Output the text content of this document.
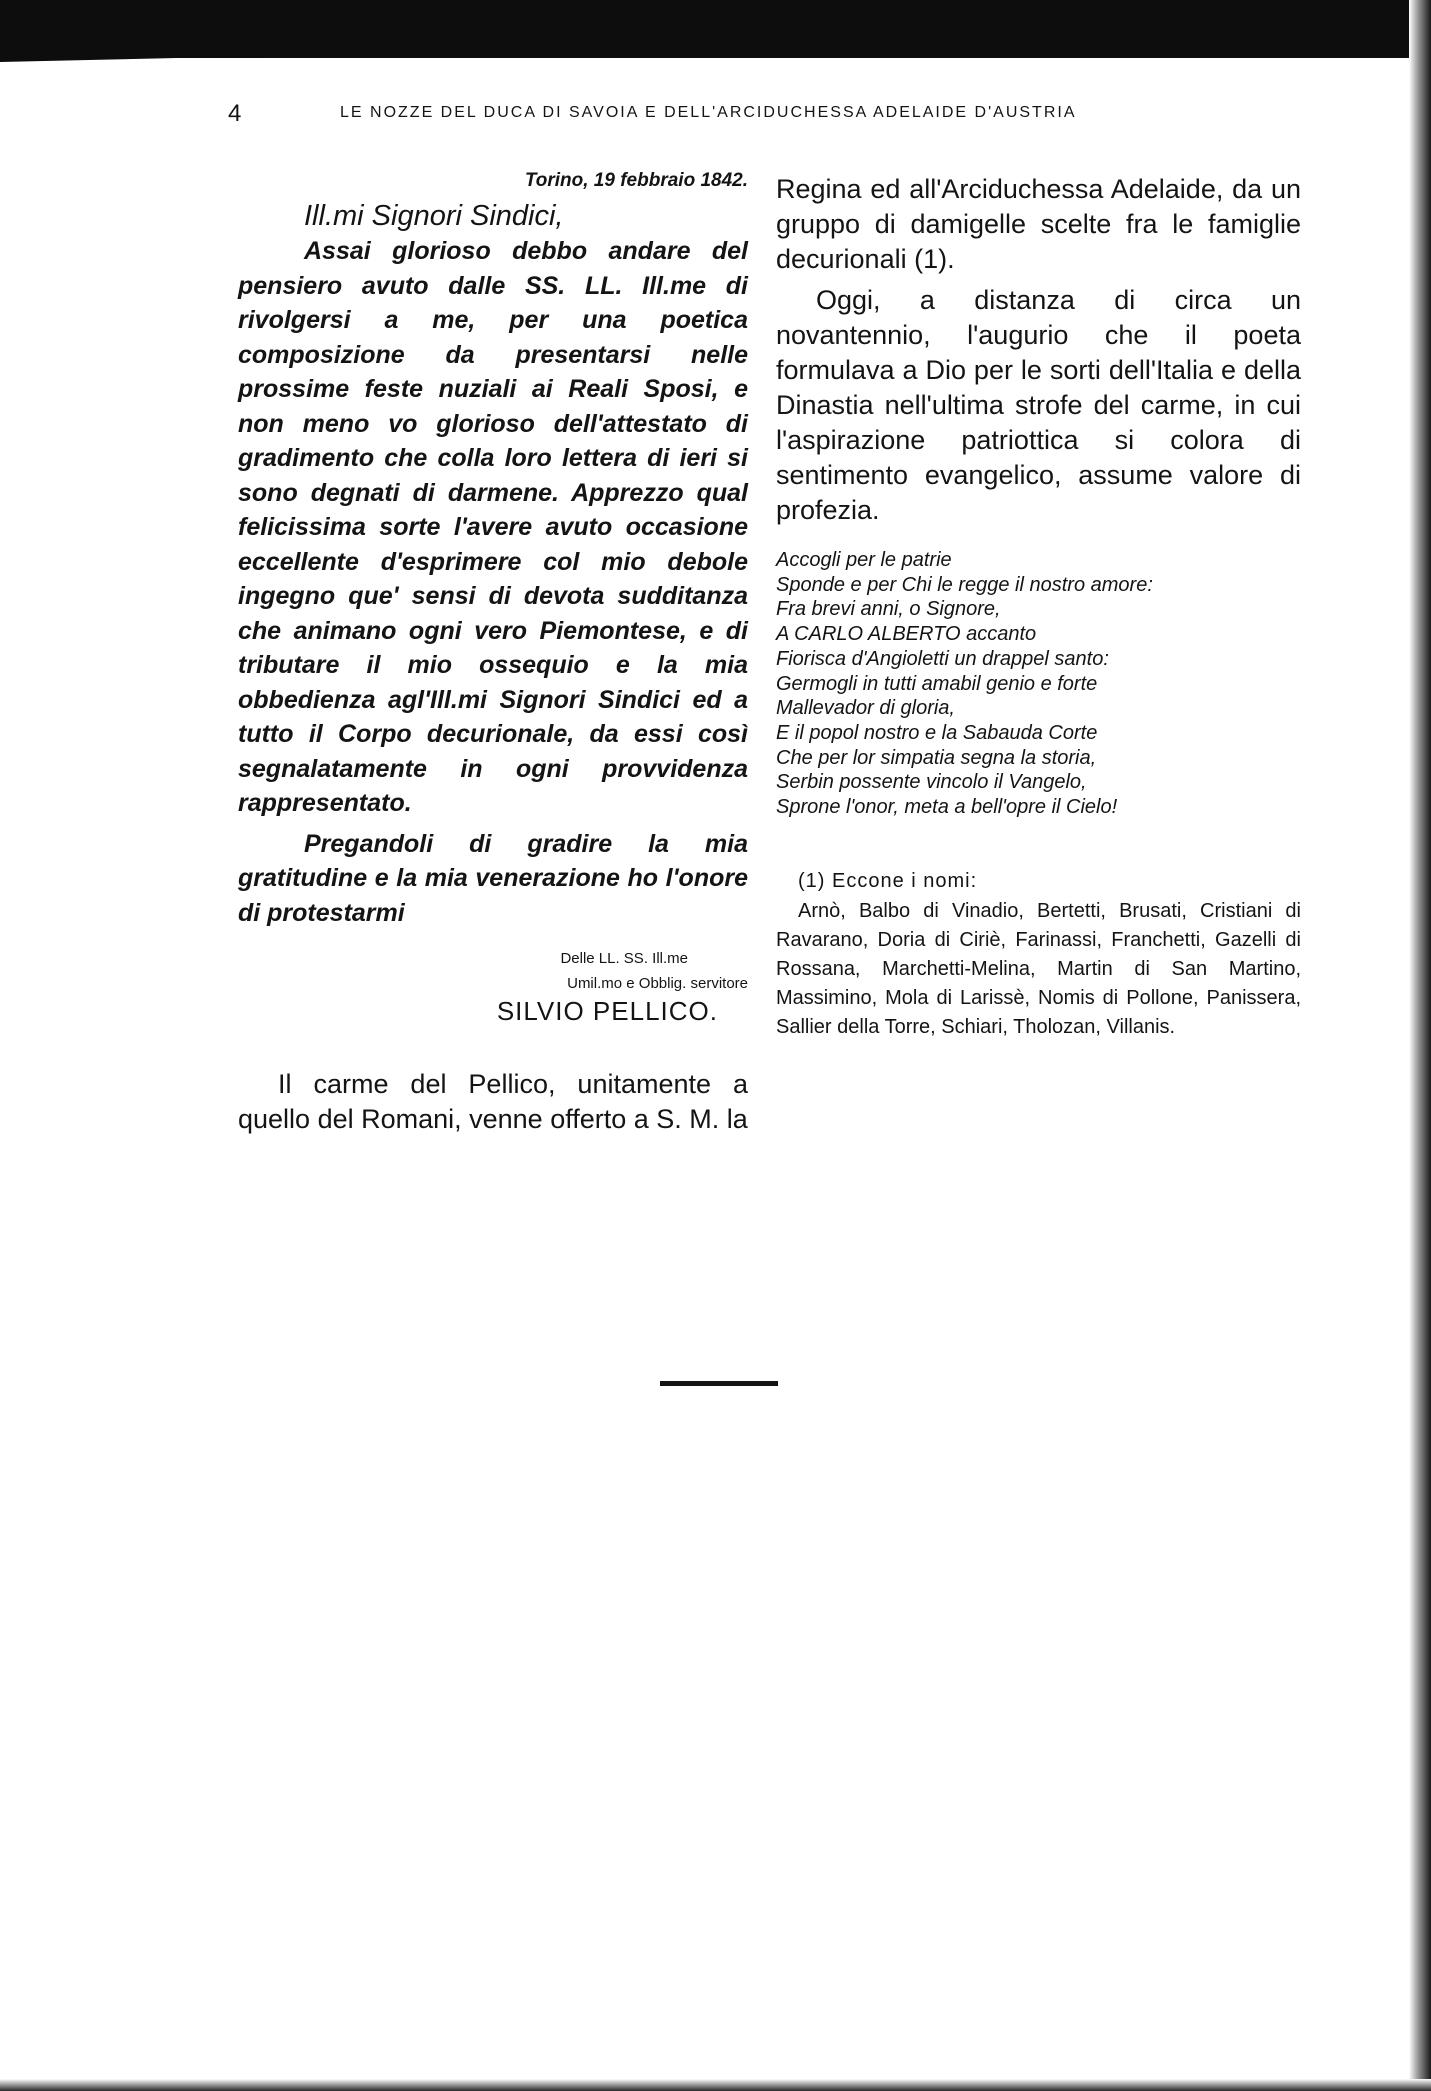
4	LE NOZZE DEL DUCA DI SAVOIA E DELL'ARCIDUCHESSA ADELAIDE D'AUSTRIA
Torino, 19 febbraio 1842.
Ill.mi Signori Sindici,

Assai glorioso debbo andare del pensiero avuto dalle SS. LL. Ill.me di rivolgersi a me, per una poetica composizione da presentarsi nelle prossime feste nuziali ai Reali Sposi, e non meno vo glorioso dell'attestato di gradimento che colla loro lettera di ieri si sono degnati di darmene. Apprezzo qual felicissima sorte l'avere avuto occasione eccellente d'esprimere col mio debole ingegno que' sensi di devota sudditanza che animano ogni vero Piemontese, e di tributare il mio ossequio e la mia obbedienza agl'Ill.mi Signori Sindici ed a tutto il Corpo decurionale, da essi così segnalatamente in ogni provvidenza rappresentato.

Pregandoli di gradire la mia gratitudine e la mia venerazione ho l'onore di protestarmi

Delle LL. SS. Ill.me
Umil.mo e Obblig. servitore
SILVIO PELLICO.

Il carme del Pellico, unitamente a quello del Romani, venne offerto a S. M. la

Regina ed all'Arciduchessa Adelaide, da un gruppo di damigelle scelte fra le famiglie decurionali (1).

Oggi, a distanza di circa un novantennio, l'augurio che il poeta formulava a Dio per le sorti dell'Italia e della Dinastia nell'ultima strofe del carme, in cui l'aspirazione patriottica si colora di sentimento evangelico, assume valore di profezia.

Accogli per le patrie
Sponde e per Chi le regge il nostro amore:
Fra brevi anni, o Signore,
A CARLO ALBERTO accanto
Fiorisca d'Angioletti un drappel santo:
Germogli in tutti amabil genio e forte
Mallevador di gloria,
E il popol nostro e la Sabauda Corte
Che per lor simpatia segna la storia,
Serbin possente vincolo il Vangelo,
Sprone l'onor, meta a bell'opre il Cielo!
(1) Eccone i nomi:

Arnò, Balbo di Vinadio, Bertetti, Brusati, Cristiani di Ravarano, Doria di Ciriè, Farinassi, Franchetti, Gazelli di Rossana, Marchetti-Melina, Martin di San Martino, Massimino, Mola di Larissè, Nomis di Pollone, Panissera, Sallier della Torre, Schiari, Tholozan, Villanis.
